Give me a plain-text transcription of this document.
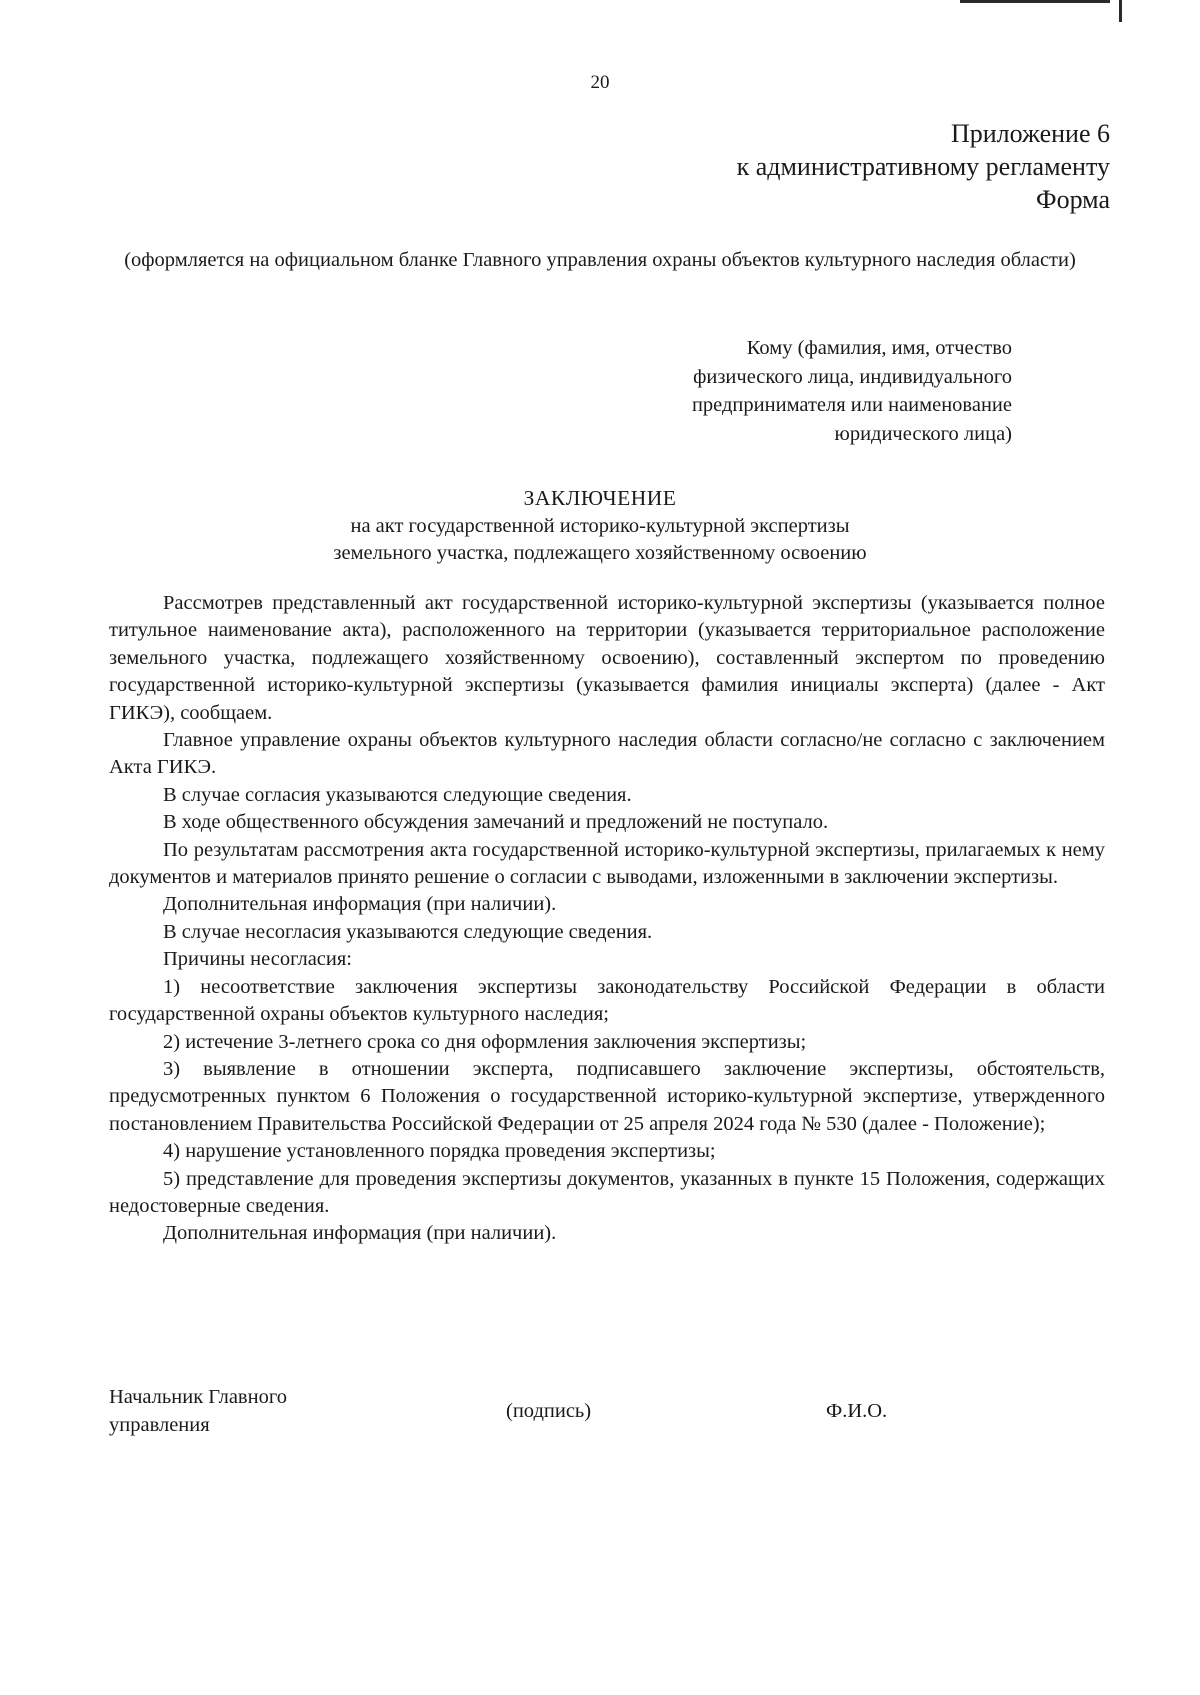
20
Приложение 6
к административному регламенту
Форма
(оформляется на официальном бланке Главного управления охраны объектов культурного наследия области)
Кому (фамилия, имя, отчество
физического лица, индивидуального
предпринимателя или наименование
юридического лица)
ЗАКЛЮЧЕНИЕ
на акт государственной историко-культурной экспертизы
земельного участка, подлежащего хозяйственному освоению

Рассмотрев представленный акт государственной историко-культурной экспертизы (указывается полное титульное наименование акта), расположенного на территории (указывается территориальное расположение земельного участка, подлежащего хозяйственному освоению), составленный экспертом по проведению государственной историко-культурной экспертизы (указывается фамилия инициалы эксперта) (далее - Акт ГИКЭ), сообщаем.

Главное управление охраны объектов культурного наследия области согласно/не согласно с заключением Акта ГИКЭ.

В случае согласия указываются следующие сведения.

В ходе общественного обсуждения замечаний и предложений не поступало.

По результатам рассмотрения акта государственной историко-культурной экспертизы, прилагаемых к нему документов и материалов принято решение о согласии с выводами, изложенными в заключении экспертизы.

Дополнительная информация (при наличии).

В случае несогласия указываются следующие сведения.

Причины несогласия:

1) несоответствие заключения экспертизы законодательству Российской Федерации в области государственной охраны объектов культурного наследия;

2) истечение 3-летнего срока со дня оформления заключения экспертизы;

3) выявление в отношении эксперта, подписавшего заключение экспертизы, обстоятельств, предусмотренных пунктом 6 Положения о государственной историко-культурной экспертизе, утвержденного постановлением Правительства Российской Федерации от 25 апреля 2024 года № 530 (далее - Положение);

4) нарушение установленного порядка проведения экспертизы;

5) представление для проведения экспертизы документов, указанных в пункте 15 Положения, содержащих недостоверные сведения.

Дополнительная информация (при наличии).

Начальник Главного управления
(подпись)	Ф.И.О.
